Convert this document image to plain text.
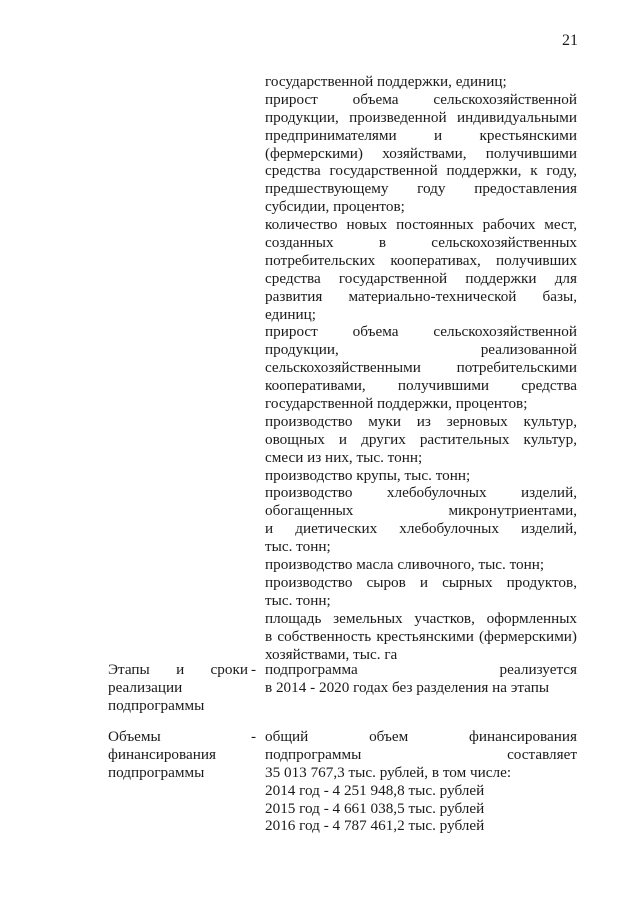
21
государственной поддержки, единиц;
прирост объема сельскохозяйственной
продукции, произведенной индивидуальными
предпринимателями и крестьянскими
(фермерскими) хозяйствами, получившими
средства государственной поддержки, к году,
предшествующему году предоставления
субсидии, процентов;
количество новых постоянных рабочих мест,
созданных в сельскохозяйственных
потребительских кооперативах, получивших
средства государственной поддержки для
развития материально-технической базы,
единиц;
прирост объема сельскохозяйственной
продукции, реализованной
сельскохозяйственными потребительскими
кооперативами, получившими средства
государственной поддержки, процентов;
производство муки из зерновых культур,
овощных и других растительных культур,
смеси из них, тыс. тонн;
производство крупы, тыс. тонн;
производство хлебобулочных изделий,
обогащенных микронутриентами,
и диетических хлебобулочных изделий,
тыс. тонн;
производство масла сливочного, тыс. тонн;
производство сыров и сырных продуктов,
тыс. тонн;
площадь земельных участков, оформленных
в собственность крестьянскими (фермерскими)
хозяйствами, тыс. га
Этапы и сроки
реализации
подпрограммы
- подпрограмма реализуется
в 2014 - 2020 годах без разделения на этапы
Объемы
финансирования
подпрограммы
- общий объем финансирования
подпрограммы составляет
35 013 767,3 тыс. рублей, в том числе:
2014 год - 4 251 948,8 тыс. рублей
2015 год - 4 661 038,5 тыс. рублей
2016 год - 4 787 461,2 тыс. рублей
